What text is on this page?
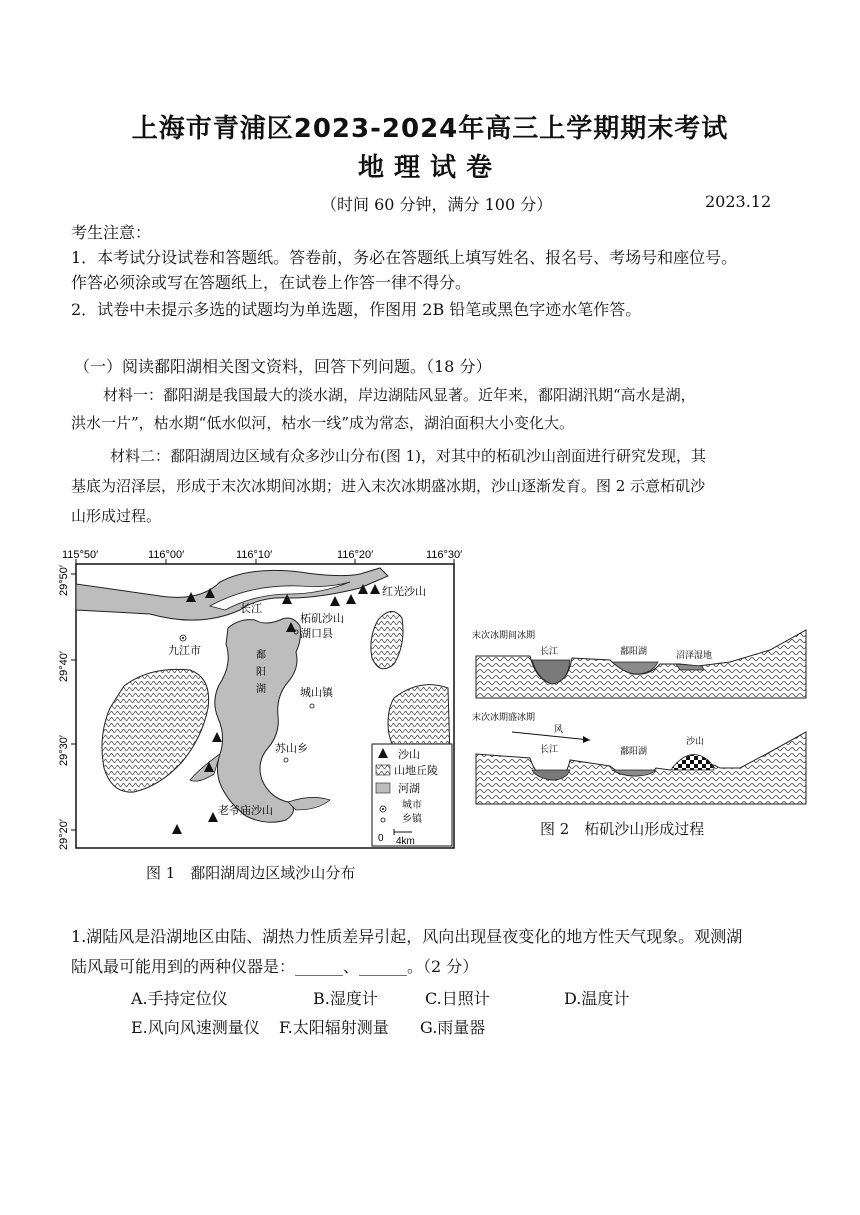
上海市青浦区2023-2024年高三上学期期末考试
地理试卷
（时间 60 分钟，满分 100 分）	2023.12
考生注意：
1．本考试分设试卷和答题纸。答卷前，务必在答题纸上填写姓名、报名号、考场号和座位号。
作答必须涂或写在答题纸上，在试卷上作答一律不得分。
2．试卷中未提示多选的试题均为单选题，作图用 2B 铅笔或黑色字迹水笔作答。
（一）阅读鄱阳湖相关图文资料，回答下列问题。（18 分）
材料一：鄱阳湖是我国最大的淡水湖，岸边湖陆风显著。近年来，鄱阳湖汛期“高水是湖，
洪水一片”，枯水期“低水似河，枯水一线”成为常态，湖泊面积大小变化大。
材料二：鄱阳湖周边区域有众多沙山分布(图 1)，对其中的柘矶沙山剖面进行研究发现，其
基底为沼泽层，形成于末次冰期间冰期；进入末次冰期盛冰期，沙山逐渐发育。图 2 示意柘矶沙
山形成过程。
115°50′	116°00′	116°10′	116°20′	116°30′
29°50′
29°40′
29°30′
29°20′
长江
红光沙山
柘矶沙山
湖口县
九江市	鄱
阳
湖	城山镇
苏山乡
老爷庙沙山
沙山
山地丘陵
河湖
城市
乡镇
0 4km
图 1　鄱阳湖周边区域沙山分布
末次冰期间冰期
长江	鄱阳湖	沼泽湿地
末次冰期盛冰期
风
长江	鄱阳湖
沙山
图 2　柘矶沙山形成过程
1.湖陆风是沿湖地区由陆、湖热力性质差异引起，风向出现昼夜变化的地方性天气现象。观测湖
陆风最可能用到的两种仪器是：______、______。（2 分）
A.手持定位仪	B.湿度计	C.日照计	D.温度计
E.风向风速测量仪 F.太阳辐射测量 G.雨量器
